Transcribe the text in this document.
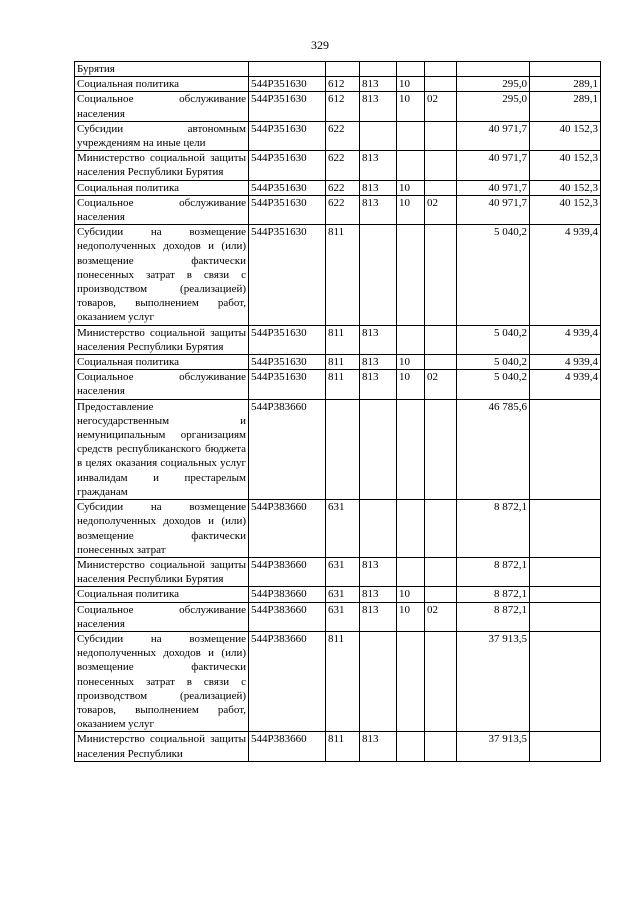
329
Бурятия							
Социальная политика	544P351630	612	813	10		295,0	289,1
Социальное обслуживание населения	544P351630	612	813	10	02	295,0	289,1
Субсидии автономным учреждениям на иные цели	544P351630	622				40 971,7	40 152,3
Министерство социальной защиты населения Республики Бурятия	544P351630	622	813			40 971,7	40 152,3
Социальная политика	544P351630	622	813	10		40 971,7	40 152,3
Социальное обслуживание населения	544P351630	622	813	10	02	40 971,7	40 152,3
Субсидии на возмещение недополученных доходов и (или) возмещение фактически понесенных затрат в связи с производством (реализацией) товаров, выполнением работ, оказанием услуг	544P351630	811				5 040,2	4 939,4
Министерство социальной защиты населения Республики Бурятия	544P351630	811	813			5 040,2	4 939,4
Социальная политика	544P351630	811	813	10		5 040,2	4 939,4
Социальное обслуживание населения	544P351630	811	813	10	02	5 040,2	4 939,4
Предоставление негосударственным и немуниципальным организациям средств республиканского бюджета в целях оказания социальных услуг инвалидам и престарелым гражданам	544P383660					46 785,6	
Субсидии на возмещение недополученных доходов и (или) возмещение фактически понесенных затрат	544P383660	631				8 872,1	
Министерство социальной защиты населения Республики Бурятия	544P383660	631	813			8 872,1	
Социальная политика	544P383660	631	813	10		8 872,1	
Социальное обслуживание населения	544P383660	631	813	10	02	8 872,1	
Субсидии на возмещение недополученных доходов и (или) возмещение фактически понесенных затрат в связи с производством (реализацией) товаров, выполнением работ, оказанием услуг	544P383660	811				37 913,5	
Министерство социальной защиты населения Республики	544P383660	811	813			37 913,5	
